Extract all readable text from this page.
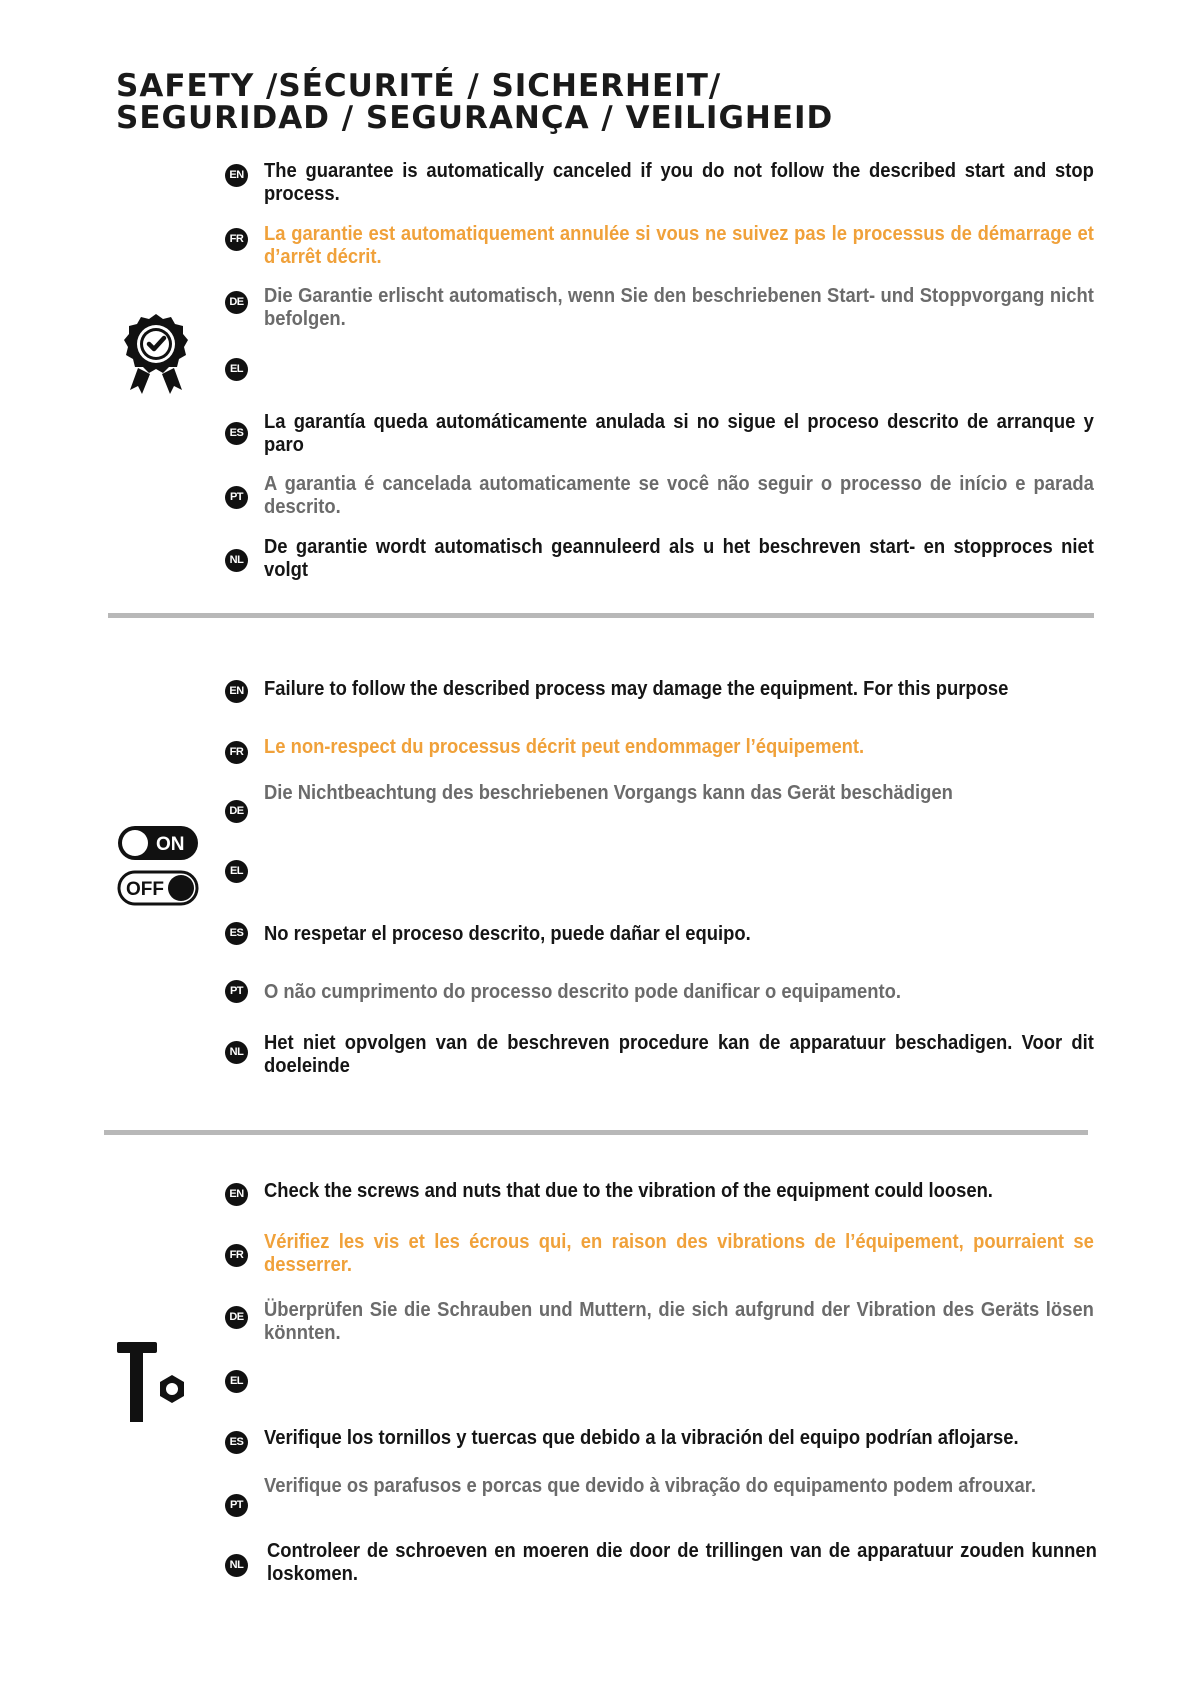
SAFETY /SÉCURITÉ / SICHERHEIT/
SEGURIDAD / SEGURANÇA / VEILIGHEID
EN The guarantee is automatically canceled if you do not follow the described start and stop process.

FR La garantie est automatiquement annulée si vous ne suivez pas le processus de démarrage et d’arrêt décrit.

DE Die Garantie erlischt automatisch, wenn Sie den beschriebenen Start- und Stoppvorgang nicht befolgen.

EL

ES La garantía queda automáticamente anulada si no sigue el proceso descrito de arranque y paro

PT

A garantia é cancelada automaticamente se você não seguir o processo de início e parada descrito.

NL

De garantie wordt automatisch geannuleerd als u het beschreven start- en stopproces niet volgt

ON
OFF
EN Failure to follow the described process may damage the equipment. For this purpose

FR Le non-respect du processus décrit peut endommager l’équipement.

DE

Die Nichtbeachtung des beschriebenen Vorgangs kann das Gerät beschädigen

EL

ES No respetar el proceso descrito, puede dañar el equipo.

PT O não cumprimento do processo descrito pode danificar o equipamento.

NL Het niet opvolgen van de beschreven procedure kan de apparatuur beschadigen. Voor dit doeleinde

EN Check the screws and nuts that due to the vibration of the equipment could loosen.

FR

Vérifiez les vis et les écrous qui, en raison des vibrations de l’équipement, pourraient se desserrer.

DE Überprüfen Sie die Schrauben und Muttern, die sich aufgrund der Vibration des Geräts lösen könnten.

EL

ES Verifique los tornillos y tuercas que debido a la vibración del equipo podrían aflojarse.

PT

Verifique os parafusos e porcas que devido à vibração do equipamento podem afrouxar.

NL

Controleer de schroeven en moeren die door de trillingen van de apparatuur zouden kunnen loskomen.
